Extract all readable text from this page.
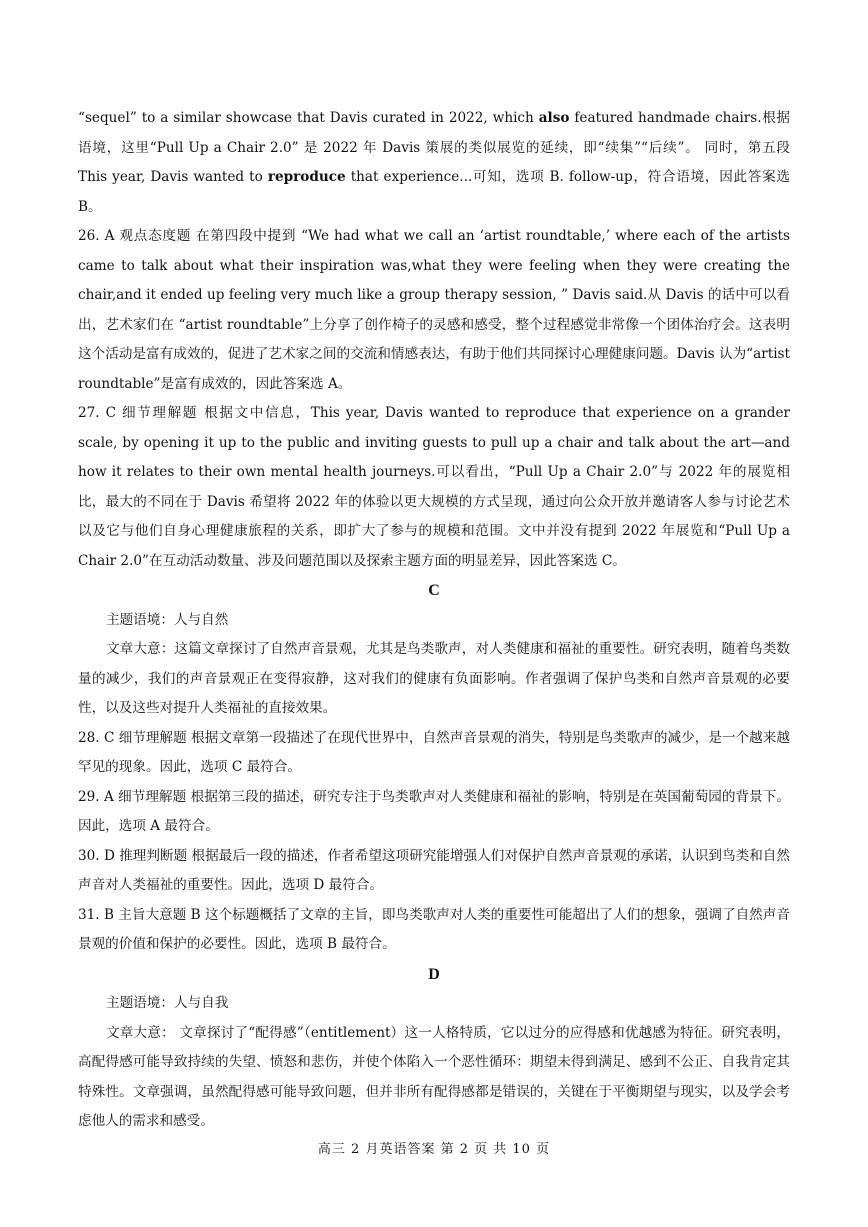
“sequel” to a similar showcase that Davis curated in 2022, which also featured handmade chairs.根据语境，这里“Pull Up a Chair 2.0” 是 2022 年 Davis 策展的类似展览的延续，即“续集”“后续”。 同时，第五段 This year, Davis wanted to reproduce that experience...可知，选项 B. follow-up，符合语境，因此答案选 B。

26. A 观点态度题 在第四段中提到 “We had what we call an ‘artist roundtable,’ where each of the artists came to talk about what their inspiration was,what they were feeling when they were creating the chair,and it ended up feeling very much like a group therapy session, ” Davis said.从 Davis 的话中可以看出，艺术家们在 “artist roundtable”上分享了创作椅子的灵感和感受，整个过程感觉非常像一个团体治疗会。这表明这个活动是富有成效的，促进了艺术家之间的交流和情感表达，有助于他们共同探讨心理健康问题。Davis 认为“artist roundtable”是富有成效的，因此答案选 A。

27. C 细节理解题 根据文中信息，This year, Davis wanted to reproduce that experience on a grander scale, by opening it up to the public and inviting guests to pull up a chair and talk about the art—and how it relates to their own mental health journeys.可以看出，“Pull Up a Chair 2.0”与 2022 年的展览相比，最大的不同在于 Davis 希望将 2022 年的体验以更大规模的方式呈现，通过向公众开放并邀请客人参与讨论艺术以及它与他们自身心理健康旅程的关系，即扩大了参与的规模和范围。文中并没有提到 2022 年展览和“Pull Up a Chair 2.0”在互动活动数量、涉及问题范围以及探索主题方面的明显差异，因此答案选 C。

C

主题语境：人与自然

文章大意：这篇文章探讨了自然声音景观，尤其是鸟类歌声，对人类健康和福祉的重要性。研究表明，随着鸟类数量的减少，我们的声音景观正在变得寂静，这对我们的健康有负面影响。作者强调了保护鸟类和自然声音景观的必要性，以及这些对提升人类福祉的直接效果。

28. C 细节理解题 根据文章第一段描述了在现代世界中，自然声音景观的消失，特别是鸟类歌声的减少，是一个越来越罕见的现象。因此，选项 C 最符合。

29. A 细节理解题 根据第三段的描述，研究专注于鸟类歌声对人类健康和福祉的影响，特别是在英国葡萄园的背景下。因此，选项 A 最符合。

30. D 推理判断题 根据最后一段的描述，作者希望这项研究能增强人们对保护自然声音景观的承诺，认识到鸟类和自然声音对人类福祉的重要性。因此，选项 D 最符合。

31. B 主旨大意题 B 这个标题概括了文章的主旨，即鸟类歌声对人类的重要性可能超出了人们的想象，强调了自然声音景观的价值和保护的必要性。因此，选项 B 最符合。

D

主题语境：人与自我

文章大意： 文章探讨了“配得感”（entitlement）这一人格特质，它以过分的应得感和优越感为特征。研究表明，高配得感可能导致持续的失望、愤怒和悲伤，并使个体陷入一个恶性循环：期望未得到满足、感到不公正、自我肯定其特殊性。文章强调，虽然配得感可能导致问题，但并非所有配得感都是错误的，关键在于平衡期望与现实，以及学会考虑他人的需求和感受。

高三 2 月英语答案 第 2 页 共 10 页
